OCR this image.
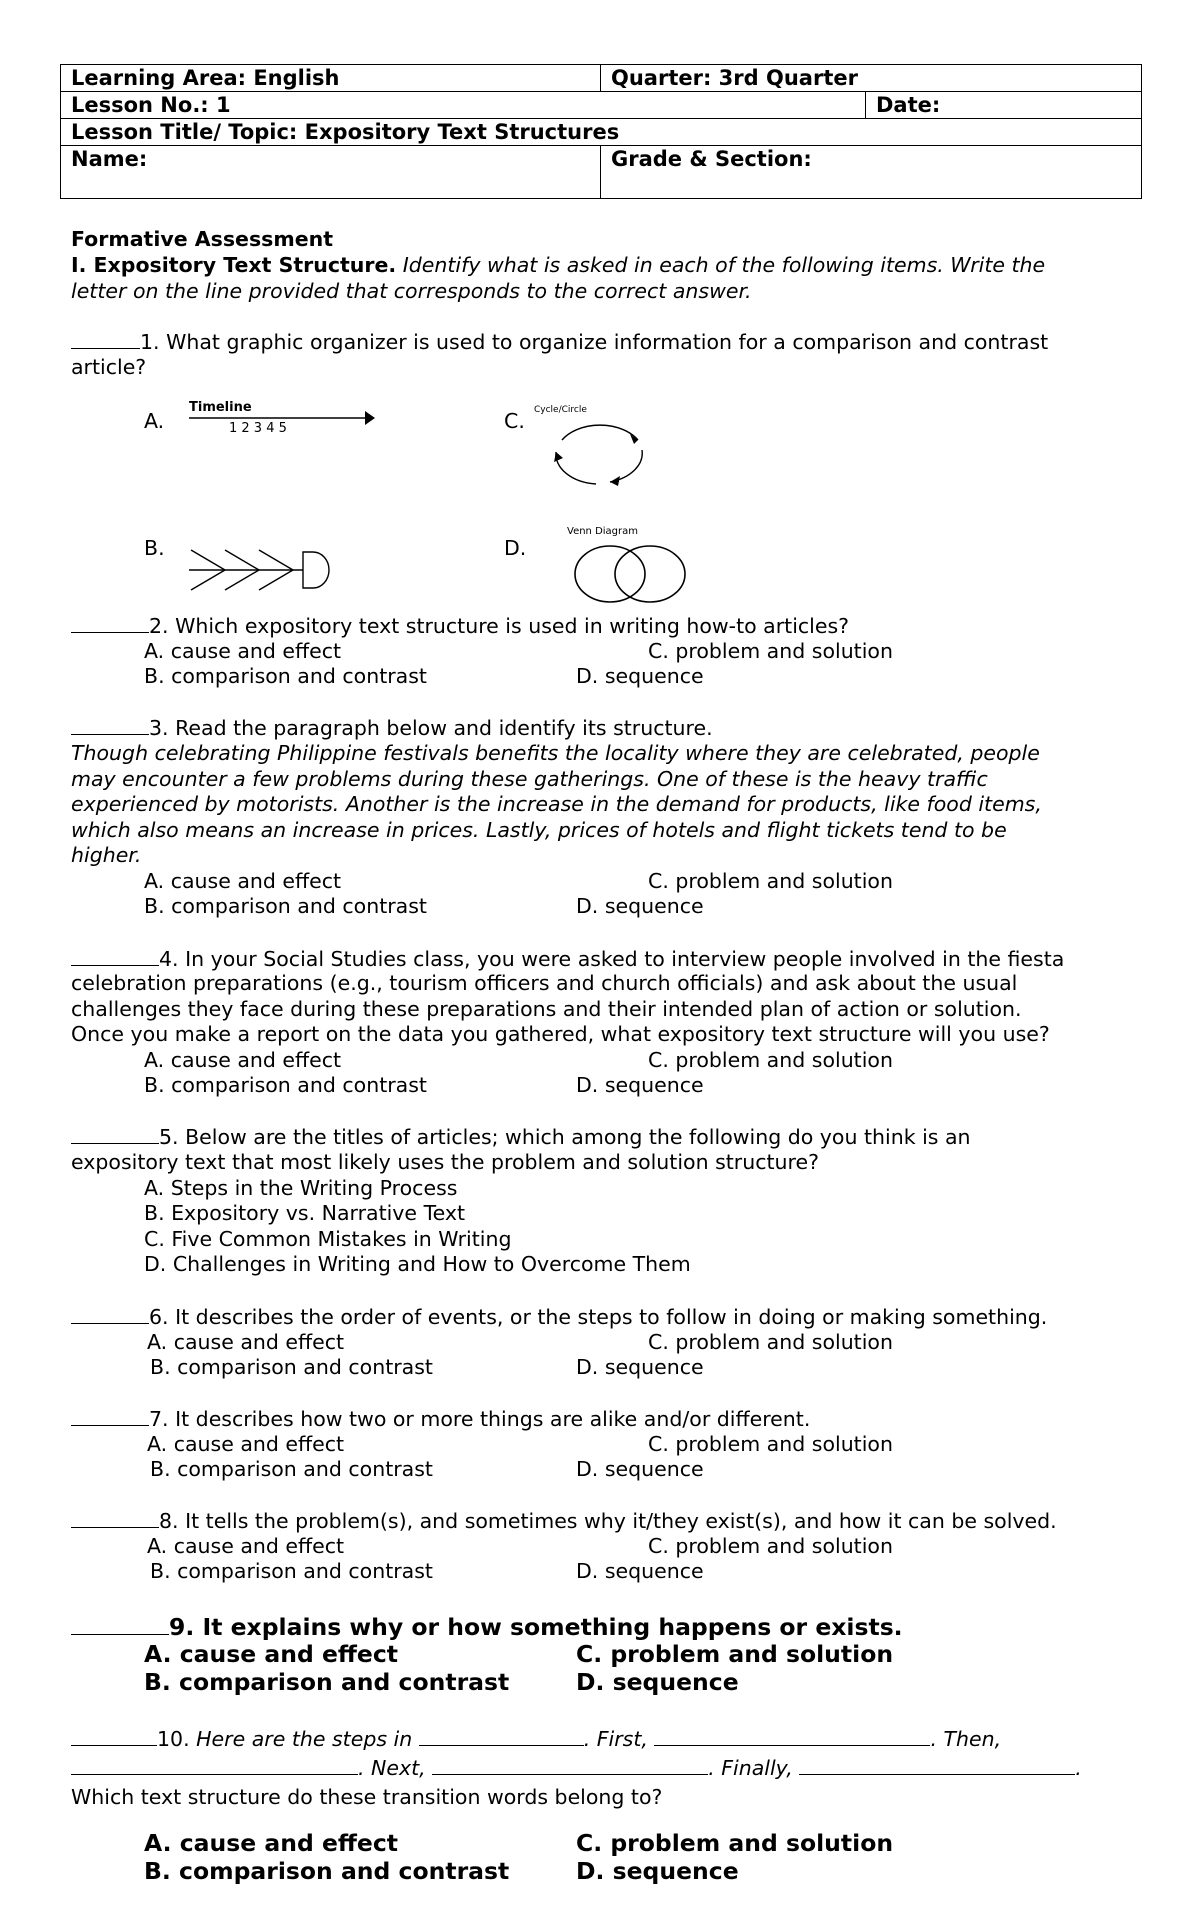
Learning Area: English	Quarter: 3rd Quarter	
Lesson No.: 1		Date:
Lesson Title/ Topic: Expository Text Structures		
Name:	Grade & Section:	
Formative Assessment
I. Expository Text Structure. Identify what is asked in each of the following items. Write the
letter on the line provided that corresponds to the correct answer.
1. What graphic organizer is used to organize information for a comparison and contrast
article?
A.	C.
B.	D.
Timeline
1 2 3 4 5
Cycle/Circle
Venn Diagram
2. Which expository text structure is used in writing how-to articles?
A. cause and effect	C. problem and solution
B. comparison and contrast	D. sequence
3. Read the paragraph below and identify its structure.
Though celebrating Philippine festivals benefits the locality where they are celebrated, people
may encounter a few problems during these gatherings. One of these is the heavy traffic
experienced by motorists. Another is the increase in the demand for products, like food items,
which also means an increase in prices. Lastly, prices of hotels and flight tickets tend to be
higher.
A. cause and effect	C. problem and solution
B. comparison and contrast	D. sequence
4. In your Social Studies class, you were asked to interview people involved in the fiesta
celebration preparations (e.g., tourism officers and church officials) and ask about the usual
challenges they face during these preparations and their intended plan of action or solution.
Once you make a report on the data you gathered, what expository text structure will you use?
A. cause and effect	C. problem and solution
B. comparison and contrast	D. sequence
5. Below are the titles of articles; which among the following do you think is an
expository text that most likely uses the problem and solution structure?
A. Steps in the Writing Process
B. Expository vs. Narrative Text
C. Five Common Mistakes in Writing
D. Challenges in Writing and How to Overcome Them
6. It describes the order of events, or the steps to follow in doing or making something.
A. cause and effect	C. problem and solution
B. comparison and contrast	D. sequence
7. It describes how two or more things are alike and/or different.
A. cause and effect	C. problem and solution
B. comparison and contrast	D. sequence
8. It tells the problem(s), and sometimes why it/they exist(s), and how it can be solved.
A. cause and effect	C. problem and solution
B. comparison and contrast	D. sequence
9. It explains why or how something happens or exists.
A. cause and effect	C. problem and solution
B. comparison and contrast	D. sequence
10. Here are the steps in	. First,	. Then,
. Next,	. Finally,	.
Which text structure do these transition words belong to?
A. cause and effect	C. problem and solution
B. comparison and contrast	D. sequence
